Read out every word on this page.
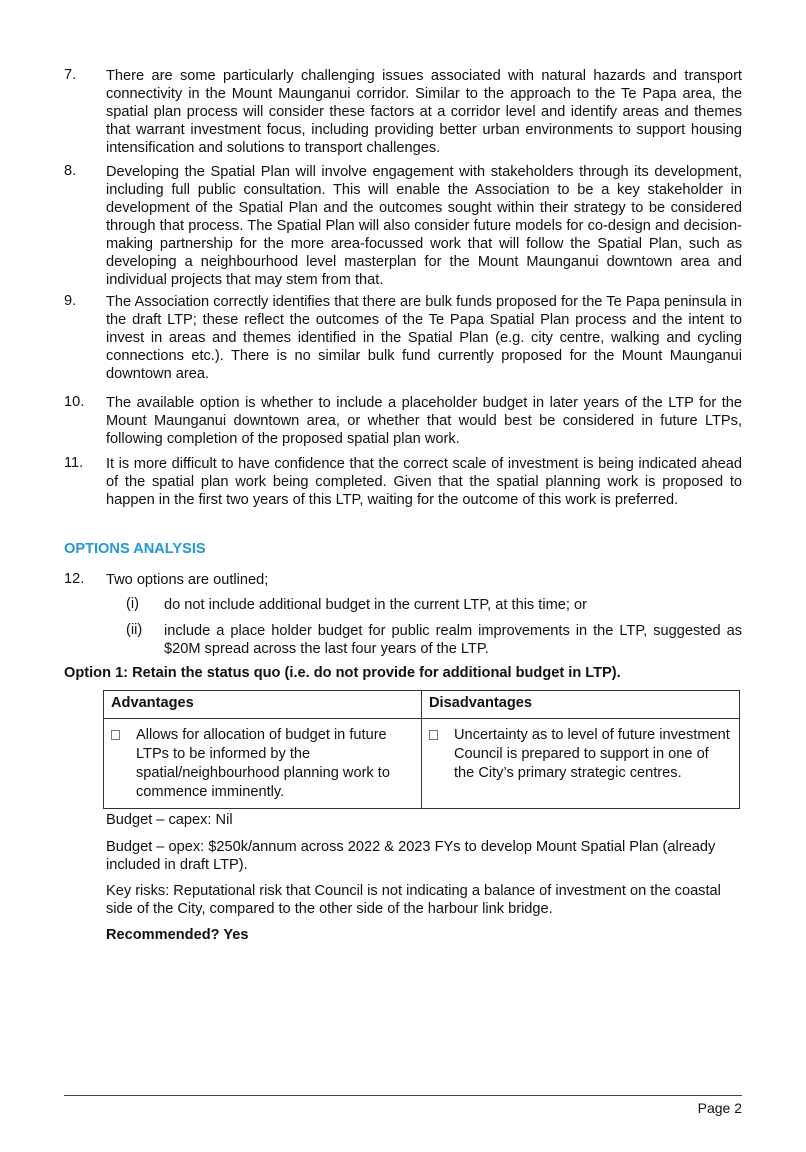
7.	There are some particularly challenging issues associated with natural hazards and transport connectivity in the Mount Maunganui corridor. Similar to the approach to the Te Papa area, the spatial plan process will consider these factors at a corridor level and identify areas and themes that warrant investment focus, including providing better urban environments to support housing intensification and solutions to transport challenges.
8.	Developing the Spatial Plan will involve engagement with stakeholders through its development, including full public consultation. This will enable the Association to be a key stakeholder in development of the Spatial Plan and the outcomes sought within their strategy to be considered through that process. The Spatial Plan will also consider future models for co-design and decision-making partnership for the more area-focussed work that will follow the Spatial Plan, such as developing a neighbourhood level masterplan for the Mount Maunganui downtown area and individual projects that may stem from that.
9.	The Association correctly identifies that there are bulk funds proposed for the Te Papa peninsula in the draft LTP; these reflect the outcomes of the Te Papa Spatial Plan process and the intent to invest in areas and themes identified in the Spatial Plan (e.g. city centre, walking and cycling connections etc.). There is no similar bulk fund currently proposed for the Mount Maunganui downtown area.
10.	The available option is whether to include a placeholder budget in later years of the LTP for the Mount Maunganui downtown area, or whether that would best be considered in future LTPs, following completion of the proposed spatial plan work.
11.	It is more difficult to have confidence that the correct scale of investment is being indicated ahead of the spatial plan work being completed. Given that the spatial planning work is proposed to happen in the first two years of this LTP, waiting for the outcome of this work is preferred.
OPTIONS ANALYSIS
12.	Two options are outlined;
(i) do not include additional budget in the current LTP, at this time; or
(ii) include a place holder budget for public realm improvements in the LTP, suggested as $20M spread across the last four years of the LTP.
Option 1: Retain the status quo (i.e. do not provide for additional budget in LTP).
Advantages	Disadvantages

Allows for allocation of budget in future LTPs to be informed by the spatial/neighbourhood planning work to commence imminently.	Uncertainty as to level of future investment Council is prepared to support in one of the City’s primary strategic centres.
Budget – capex: Nil
Budget – opex: $250k/annum across 2022 & 2023 FYs to develop Mount Spatial Plan (already included in draft LTP).
Key risks: Reputational risk that Council is not indicating a balance of investment on the coastal side of the City, compared to the other side of the harbour link bridge.
Recommended? Yes
Page 2
